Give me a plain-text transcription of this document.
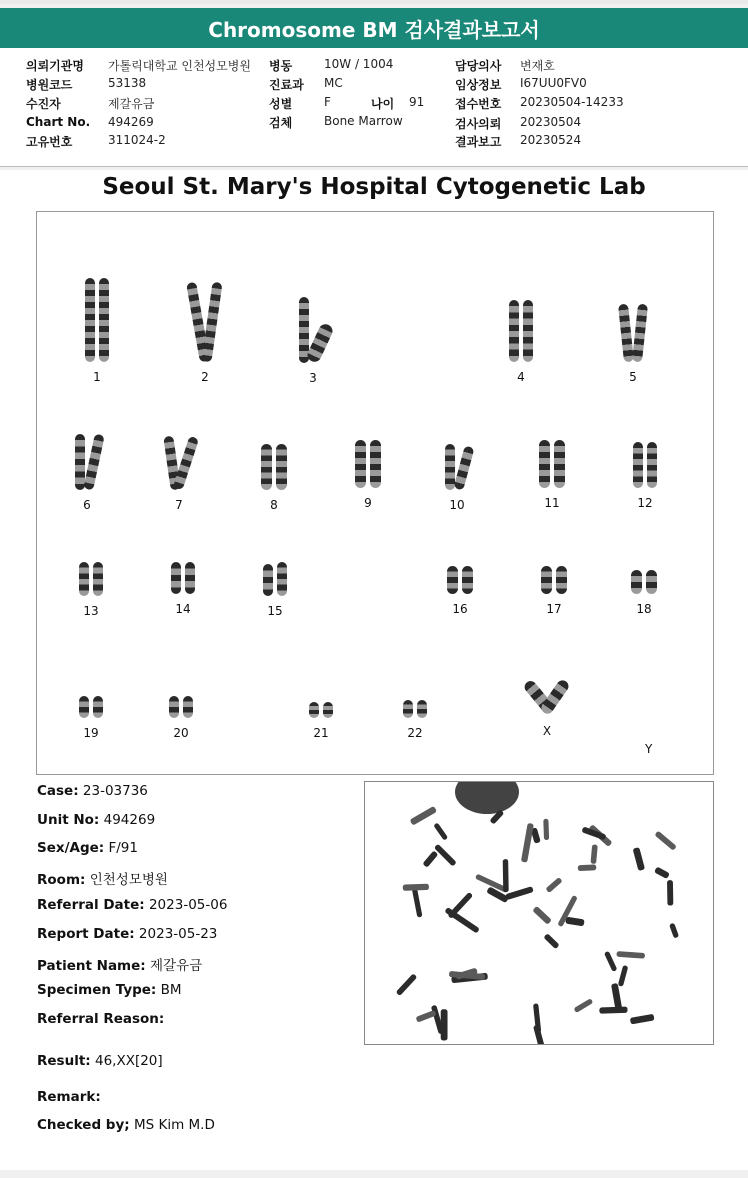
Chromosome BM 검사결과보고서
의뢰기관명 가톨릭대학교 인천성모병원
병원코드	53138
수진자	제갈유금
Chart No. 494269
고유번호	311024-2
병동	10W / 1004
진료과 MC
성별	F	나이 91
검체	Bone Marrow
담당의사 변재호
임상정보 I67UU0FV0
접수번호 20230504-14233
검사의뢰 20230504
결과보고 20230524
Seoul St. Mary's Hospital Cytogenetic Lab
1	2	3	4	5
6	7	8	9	10	11	12
13	14	15	16	17	18
19	20	21	22	X
Y
Case: 23-03736
Unit No: 494269
Sex/Age: F/91
Room: 인천성모병원
Referral Date: 2023-05-06
Report Date: 2023-05-23
Patient Name: 제갈유금
Specimen Type: BM
Referral Reason:
Result: 46,XX[20]
Remark:
Checked by; MS Kim M.D
